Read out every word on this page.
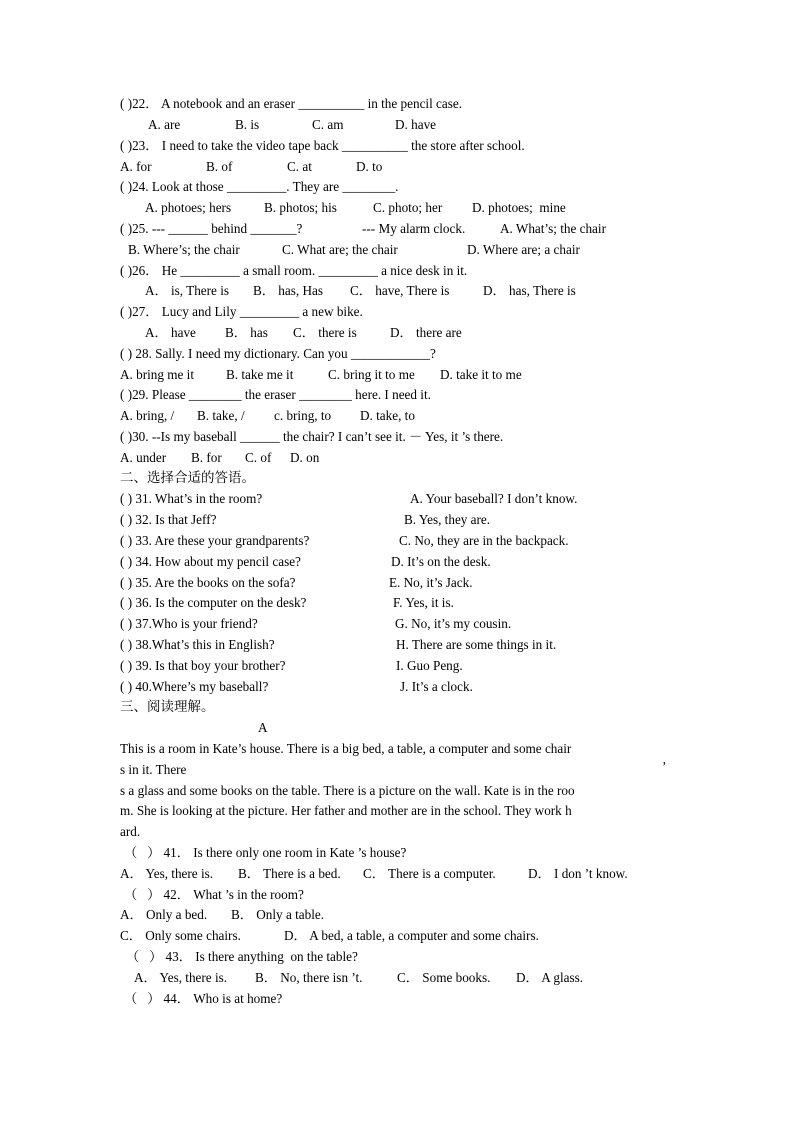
( )22． A notebook and an eraser __________ in the pencil case.
A. are	B. is	C. am	D. have
( )23． I need to take the video tape back __________ the store after school.
A. for	B. of	C. at	D. to
( )24. Look at those _________. They are ________.
A. photoes; hers B. photos; his	C. photo; her D. photoes;  mine
( )25. --- ______ behind _______?	--- My alarm clock.	A. What’s; the chair
B. Where’s; the chair	C. What are; the chair	D. Where are; a chair
( )26． He _________ a small room. _________ a nice desk in it.
A． is, There is B． has, Has C． have, There is	D． has, There is
( )27． Lucy and Lily _________ a new bike.
A． have B． has C． there is	D． there are
( ) 28. Sally. I need my dictionary. Can you ____________?
A. bring me it B. take me it	C. bring it to me D. take it to me
( )29. Please ________ the eraser ________ here. I need it.
A. bring, / B. take, / c. bring, to D. take, to
( )30. --Is my baseball ______ the chair? I can’t see it. － Yes, it ’s there.
A. under B. for C. of D. on
二、选择合适的答语。
( ) 31. What’s in the room?	A. Your baseball? I don’t know.
( ) 32. Is that Jeff?	B. Yes, they are.
( ) 33. Are these your grandparents?	C. No, they are in the backpack.
( ) 34. How about my pencil case?	D. It’s on the desk.
( ) 35. Are the books on the sofa?	E. No, it’s Jack.
( ) 36. Is the computer on the desk?	F. Yes, it is.
( ) 37.Who is your friend?	G. No, it’s my cousin.
( ) 38.What’s this in English?	H. There are some things in it.
( ) 39. Is that boy your brother?	I. Guo Peng.
( ) 40.Where’s my baseball?	J. It’s a clock.
三、阅读理解。
A
This is a room in Kate’s house. There is a big bed, a table, a computer and some chair
s in it. There	’
s a glass and some books on the table. There is a picture on the wall. Kate is in the roo
m. She is looking at the picture. Her father and mother are in the school. They work h
ard.
（   ） 41． Is there only one room in Kate ’s house?
A． Yes, there is. B． There is a bed. C． There is a computer. D． I don ’t know.
（   ） 42． What ’s in the room?
A． Only a bed. B． Only a table.
C． Only some chairs.	D． A bed, a table, a computer and some chairs.
（   ） 43． Is there anything  on the table?
A． Yes, there is. B． No, there isn ’t.	C． Some books. D． A glass.
（   ） 44． Who is at home?
